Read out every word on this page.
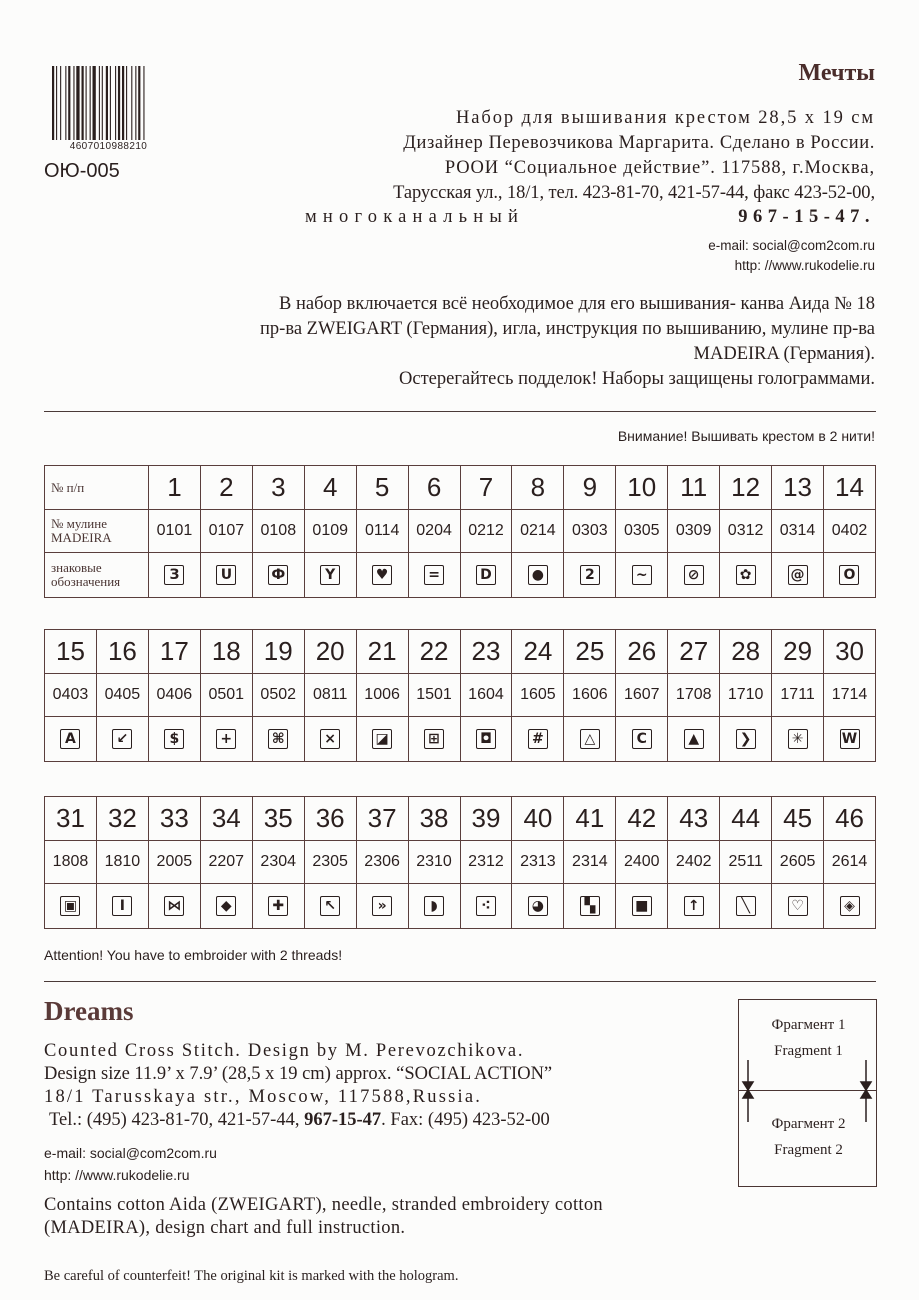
4607010988210
ОЮ-005
Мечты
Набор для вышивания крестом 28,5 х 19 см
Дизайнер Перевозчикова Маргарита. Сделано в России.
РООИ “Социальное действие”. 117588, г.Москва,
Тарусская ул., 18/1, тел. 423-81-70, 421-57-44, факс 423-52-00,
многоканальный	967-15-47.
e-mail: social@com2com.ru
http: //www.rukodelie.ru
В набор включается всё необходимое для его вышивания- канва Аида № 18
пр-ва ZWEIGART (Германия), игла, инструкция по вышиванию, мулине пр-ва
MADEIRA (Германия).
Остерегайтесь подделок! Наборы защищены голограммами.
Внимание! Вышивать крестом в 2 нити!
№ п/п	1	2	3	4	5	6	7	8	9	10	11	12	13	14
№ мулине
MADEIRA	0101	0107	0108	0109	0114	0204	0212	0214	0303	0305	0309	0312	0314	0402
знаковые
обозначения	З	U	Ф	Y	♥	=	D	●	2	~	⊘	✿	@	O
15	16	17	18	19	20	21	22	23	24	25	26	27	28	29	30
0403	0405	0406	0501	0502	0811	1006	1501	1604	1605	1606	1607	1708	1710	1711	1714
A	↙	$	+	⌘	×	◪	⊞	◘	#	△	C	▲	❯	✳	W
31	32	33	34	35	36	37	38	39	40	41	42	43	44	45	46
1808	1810	2005	2207	2304	2305	2306	2310	2312	2313	2314	2400	2402	2511	2605	2614
▣	I	⋈	◆	✚	↖	»	◗	⁖	◕	▚	■	↑	╲	♡	◈
Attention! You have to embroider with 2 threads!
Dreams
Counted Cross Stitch. Design by M. Perevozchikova.
Design size 11.9’ x 7.9’ (28,5 x 19 cm) approx. “SOCIAL ACTION”
18/1 Tarusskaya str., Moscow, 117588,Russia.
Tel.: (495) 423-81-70, 421-57-44, 967-15-47. Fax: (495) 423-52-00
e-mail: social@com2com.ru
http: //www.rukodelie.ru
Contains cotton Aida (ZWEIGART), needle, stranded embroidery cotton
(MADEIRA), design chart and full instruction.
Be careful of counterfeit! The original kit is marked with the hologram.
Фрагмент 1
Fragment 1
Фрагмент 2
Fragment 2
